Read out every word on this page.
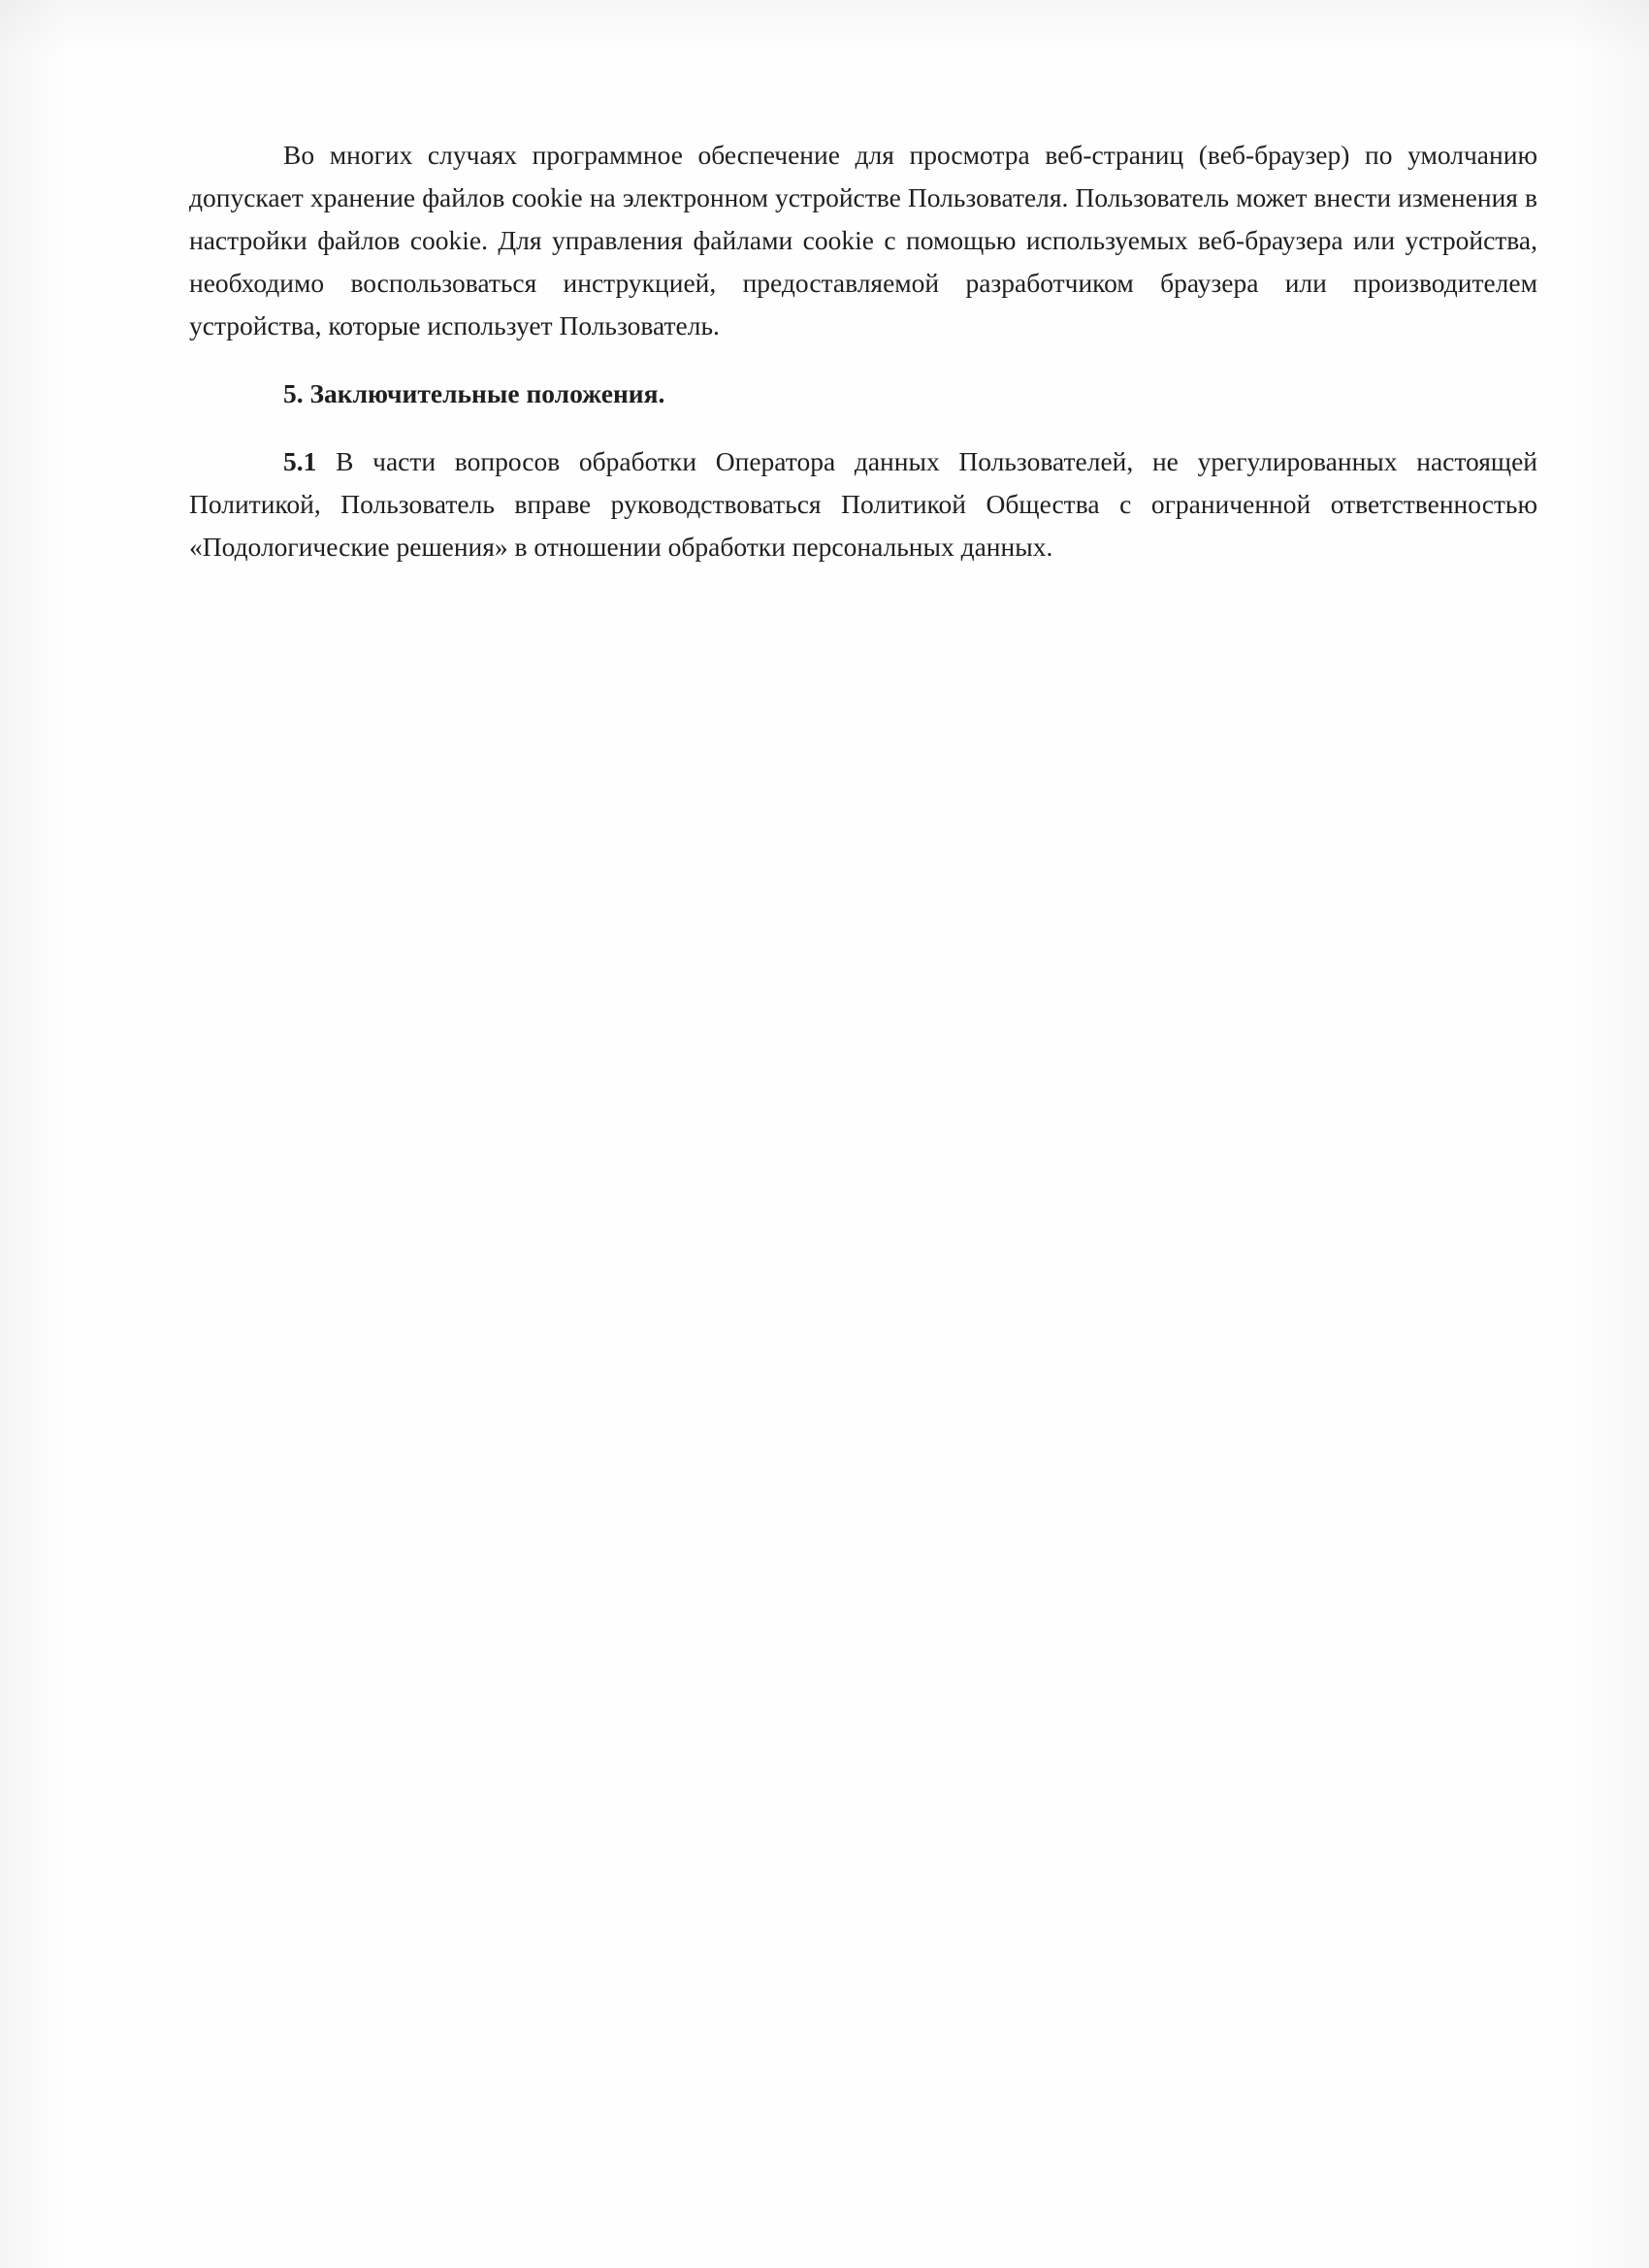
Во многих случаях программное обеспечение для просмотра веб-страниц (веб-браузер) по умолчанию допускает хранение файлов cookie на электронном устройстве Пользователя. Пользователь может внести изменения в настройки файлов cookie. Для управления файлами cookie с помощью используемых веб-браузера или устройства, необходимо воспользоваться инструкцией, предоставляемой разработчиком браузера или производителем устройства, которые использует Пользователь.

5. Заключительные положения.

5.1 В части вопросов обработки Оператора данных Пользователей, не урегулированных настоящей Политикой, Пользователь вправе руководствоваться Политикой Общества с ограниченной ответственностью «Подологические решения» в отношении обработки персональных данных.
